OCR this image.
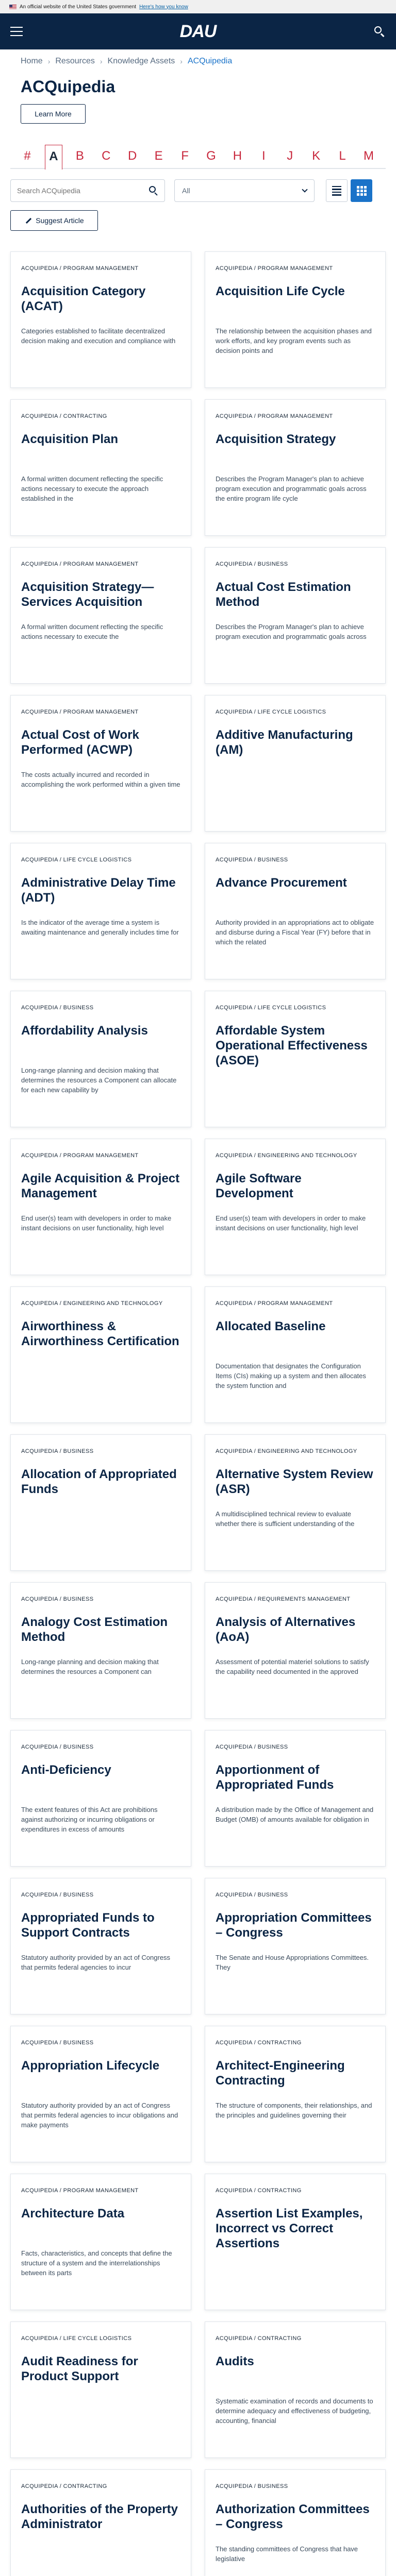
An official website of the United States government Here's how you know
DAU
Home › Resources › Knowledge Assets › ACQuipedia
ACQuipedia
Learn More
#	A	B	C	D	E	F	G	H	I	J	K	L	M
Search ACQuipedia
All
Suggest Article
ACQUIPEDIA / PROGRAM MANAGEMENT
Acquisition Category (ACAT)
Categories established to facilitate decentralized decision making and execution and compliance with
ACQUIPEDIA / PROGRAM MANAGEMENT
Acquisition Life Cycle
The relationship between the acquisition phases and work efforts, and key program events such as decision points and
ACQUIPEDIA / CONTRACTING
Acquisition Plan
A formal written document reflecting the specific actions necessary to execute the approach established in the
ACQUIPEDIA / PROGRAM MANAGEMENT
Acquisition Strategy
Describes the Program Manager's plan to achieve program execution and programmatic goals across the entire program life cycle
ACQUIPEDIA / PROGRAM MANAGEMENT
Acquisition Strategy—Services Acquisition
A formal written document reflecting the specific actions necessary to execute the
ACQUIPEDIA / BUSINESS
Actual Cost Estimation Method
Describes the Program Manager's plan to achieve program execution and programmatic goals across
ACQUIPEDIA / PROGRAM MANAGEMENT
Actual Cost of Work Performed (ACWP)
The costs actually incurred and recorded in accomplishing the work performed within a given time
ACQUIPEDIA / LIFE CYCLE LOGISTICS
Additive Manufacturing (AM)
ACQUIPEDIA / LIFE CYCLE LOGISTICS
Administrative Delay Time (ADT)
Is the indicator of the average time a system is awaiting maintenance and generally includes time for
ACQUIPEDIA / BUSINESS
Advance Procurement
Authority provided in an appropriations act to obligate and disburse during a Fiscal Year (FY) before that in which the related
ACQUIPEDIA / BUSINESS
Affordability Analysis
Long-range planning and decision making that determines the resources a Component can allocate for each new capability by
ACQUIPEDIA / LIFE CYCLE LOGISTICS
Affordable System Operational Effectiveness (ASOE)
ACQUIPEDIA / PROGRAM MANAGEMENT
Agile Acquisition & Project Management
End user(s) team with developers in order to make instant decisions on user functionality, high level
ACQUIPEDIA / ENGINEERING AND TECHNOLOGY
Agile Software Development
End user(s) team with developers in order to make instant decisions on user functionality, high level
ACQUIPEDIA / ENGINEERING AND TECHNOLOGY
Airworthiness & Airworthiness Certification
ACQUIPEDIA / PROGRAM MANAGEMENT
Allocated Baseline
Documentation that designates the Configuration Items (CIs) making up a system and then allocates the system function and
ACQUIPEDIA / BUSINESS
Allocation of Appropriated Funds
ACQUIPEDIA / ENGINEERING AND TECHNOLOGY
Alternative System Review (ASR)
A multidisciplined technical review to evaluate whether there is sufficient understanding of the
ACQUIPEDIA / BUSINESS
Analogy Cost Estimation Method
Long-range planning and decision making that determines the resources a Component can
ACQUIPEDIA / REQUIREMENTS MANAGEMENT
Analysis of Alternatives (AoA)
Assessment of potential materiel solutions to satisfy the capability need documented in the approved
ACQUIPEDIA / BUSINESS
Anti-Deficiency
The extent features of this Act are prohibitions against authorizing or incurring obligations or expenditures in excess of amounts
ACQUIPEDIA / BUSINESS
Apportionment of Appropriated Funds
A distribution made by the Office of Management and Budget (OMB) of amounts available for obligation in
ACQUIPEDIA / BUSINESS
Appropriated Funds to Support Contracts
Statutory authority provided by an act of Congress that permits federal agencies to incur
ACQUIPEDIA / BUSINESS
Appropriation Committees – Congress
The Senate and House Appropriations Committees. They
ACQUIPEDIA / BUSINESS
Appropriation Lifecycle
Statutory authority provided by an act of Congress that permits federal agencies to incur obligations and make payments
ACQUIPEDIA / CONTRACTING
Architect-Engineering Contracting
The structure of components, their relationships, and the principles and guidelines governing their
ACQUIPEDIA / PROGRAM MANAGEMENT
Architecture Data
Facts, characteristics, and concepts that define the structure of a system and the interrelationships between its parts
ACQUIPEDIA / CONTRACTING
Assertion List Examples, Incorrect vs Correct Assertions
ACQUIPEDIA / LIFE CYCLE LOGISTICS
Audit Readiness for Product Support
ACQUIPEDIA / CONTRACTING
Audits
Systematic examination of records and documents to determine adequacy and effectiveness of budgeting, accounting, financial
ACQUIPEDIA / CONTRACTING
Authorities of the Property Administrator
ACQUIPEDIA / BUSINESS
Authorization Committees – Congress
The standing committees of Congress that have legislative
